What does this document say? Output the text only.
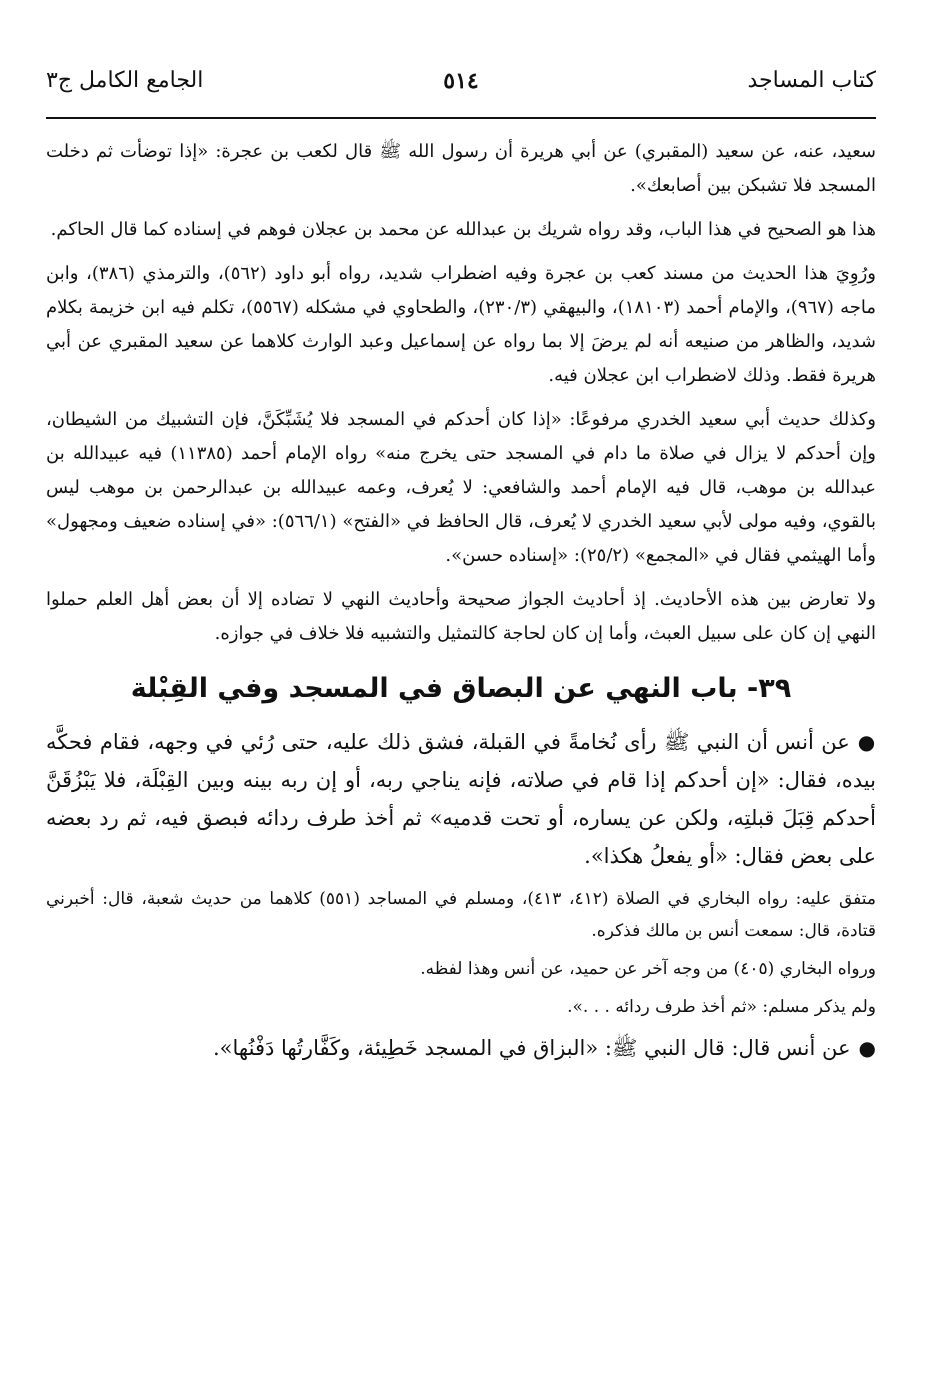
كتاب المساجد
٥١٤
الجامع الكامل ج٣

سعيد، عنه، عن سعيد (المقبري) عن أبي هريرة أن رسول الله ﷺ قال لكعب بن عجرة: «إذا توضأت ثم دخلت المسجد فلا تشبكن بين أصابعك».

هذا هو الصحيح في هذا الباب، وقد رواه شريك بن عبدالله عن محمد بن عجلان فوهم في إسناده كما قال الحاكم.

ورُوِيَ هذا الحديث من مسند كعب بن عجرة وفيه اضطراب شديد، رواه أبو داود (٥٦٢)، والترمذي (٣٨٦)، وابن ماجه (٩٦٧)، والإمام أحمد (١٨١٠٣)، والبيهقي (٢٣٠/٣)، والطحاوي في مشكله (٥٥٦٧)، تكلم فيه ابن خزيمة بكلام شديد، والظاهر من صنيعه أنه لم يرضَ إلا بما رواه عن إسماعيل وعبد الوارث كلاهما عن سعيد المقبري عن أبي هريرة فقط. وذلك لاضطراب ابن عجلان فيه.

وكذلك حديث أبي سعيد الخدري مرفوعًا: «إذا كان أحدكم في المسجد فلا يُشَبِّكَنَّ، فإن التشبيك من الشيطان، وإن أحدكم لا يزال في صلاة ما دام في المسجد حتى يخرج منه» رواه الإمام أحمد (١١٣٨٥) فيه عبيدالله بن عبدالله بن موهب، قال فيه الإمام أحمد والشافعي: لا يُعرف، وعمه عبيدالله بن عبدالرحمن بن موهب ليس بالقوي، وفيه مولى لأبي سعيد الخدري لا يُعرف، قال الحافظ في «الفتح» (٥٦٦/١): «في إسناده ضعيف ومجهول» وأما الهيثمي فقال في «المجمع» (٢٥/٢): «إسناده حسن».

ولا تعارض بين هذه الأحاديث. إذ أحاديث الجواز صحيحة وأحاديث النهي لا تضاده إلا أن بعض أهل العلم حملوا النهي إن كان على سبيل العبث، وأما إن كان لحاجة كالتمثيل والتشبيه فلا خلاف في جوازه.

٣٩- باب النهي عن البصاق في المسجد وفي القِبْلة

●عن أنس أن النبي ﷺ رأى نُخامةً في القبلة، فشق ذلك عليه، حتى رُئي في وجهه، فقام فحكَّه بيده، فقال: «إن أحدكم إذا قام في صلاته، فإنه يناجي ربه، أو إن ربه بينه وبين القِبْلَة، فلا يَبْزُقَنَّ أحدكم قِبَلَ قبلتِه، ولكن عن يساره، أو تحت قدميه» ثم أخذ طرف ردائه فبصق فيه، ثم رد بعضه على بعض فقال: «أو يفعلُ هكذا».

متفق عليه: رواه البخاري في الصلاة (٤١٢، ٤١٣)، ومسلم في المساجد (٥٥١) كلاهما من حديث شعبة، قال: أخبرني قتادة، قال: سمعت أنس بن مالك فذكره.

ورواه البخاري (٤٠٥) من وجه آخر عن حميد، عن أنس وهذا لفظه.

ولم يذكر مسلم: «ثم أخذ طرف ردائه . . .».

●عن أنس قال: قال النبي ﷺ: «البزاق في المسجد خَطِيئة، وكَفَّارتُها دَفْنُها».
